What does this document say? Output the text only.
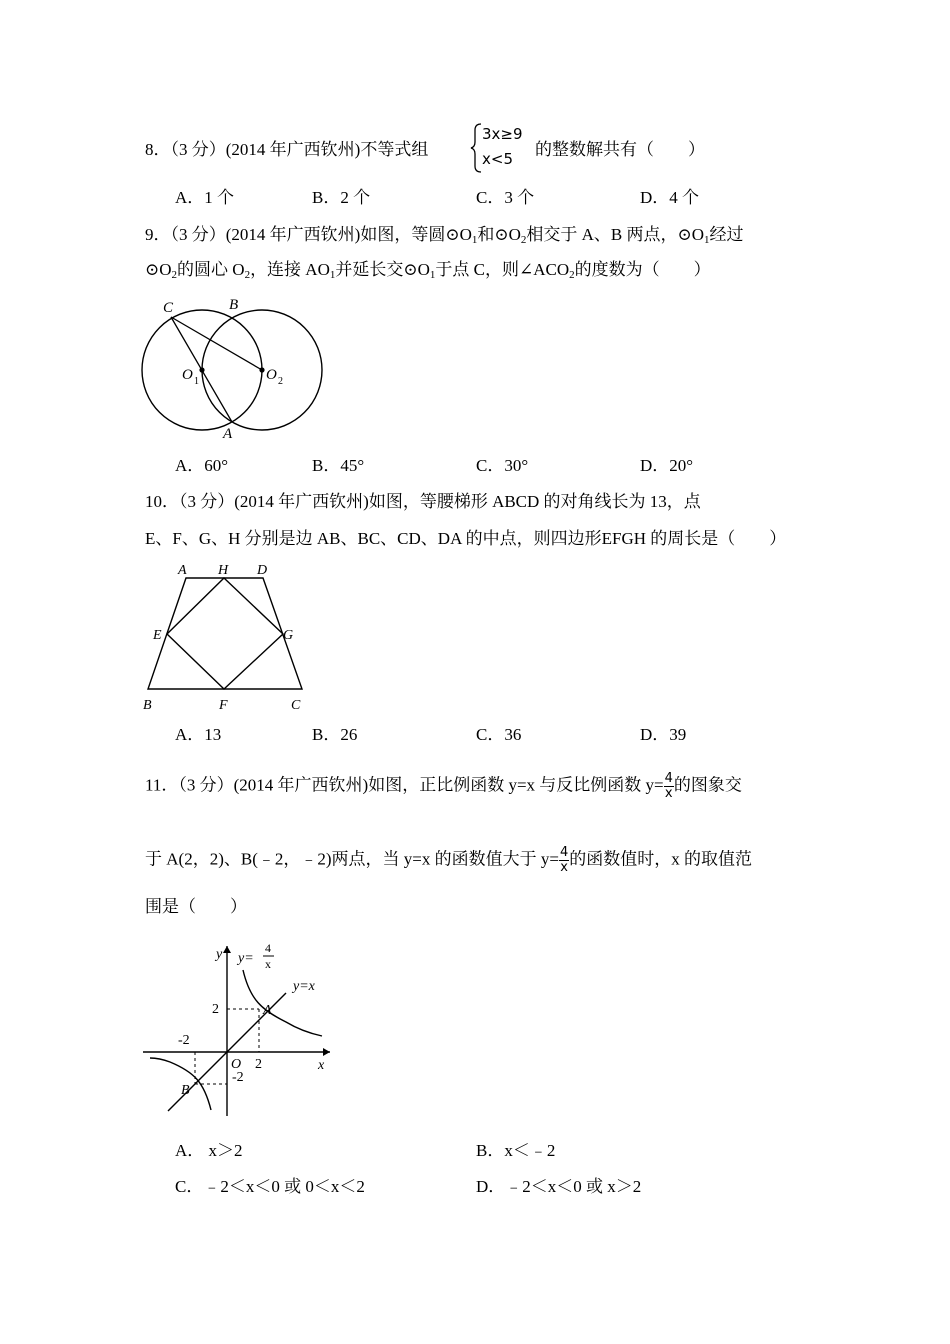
8．（3 分）(2014 年广西钦州)不等式组
3x≥9
x<5 的整数解共有（　　）
A．1 个	B．2 个	C．3 个	D．4 个
9．（3 分）(2014 年广西钦州)如图，等圆$⊙O_1$和$⊙O_2$相交于 A、B 两点，$⊙O_1$经过
$⊙O_2$的圆心 $O_2$，连接 $AO_1$并延长交$⊙O_1$于点 C，则$\angle ACO_2$的度数为（　　）
C	B
A
O 1	O 2
A．60°	B．45°	C．30°	D．20°
10．（3 分）(2014 年广西钦州)如图，等腰梯形 ABCD 的对角线长为 13，点
E、F、G、H 分别是边 AB、BC、CD、DA 的中点，则四边形EFGH 的周长是（　　）
A H D
E	G
B	F	C
A．13	B．26	C．36	D．39
11．（3 分）(2014 年广西钦州)如图，正比例函数 y=x 与反比例函数 $y= \frac{4}{x}$ 的图象交
于 A(2，2)、B(﹣2，﹣2)两点，当 y=x 的函数值大于 $y= \frac{4}{x}$ 的函数值时，x 的取值范
围是（　　）
y
x
O
A
B
2
2
-2
-2
y=
4
x
y=x
A． x＞2	B．x＜﹣2
C．﹣2＜x＜0 或 0＜x＜2	D．﹣2＜x＜0 或 x＞2
